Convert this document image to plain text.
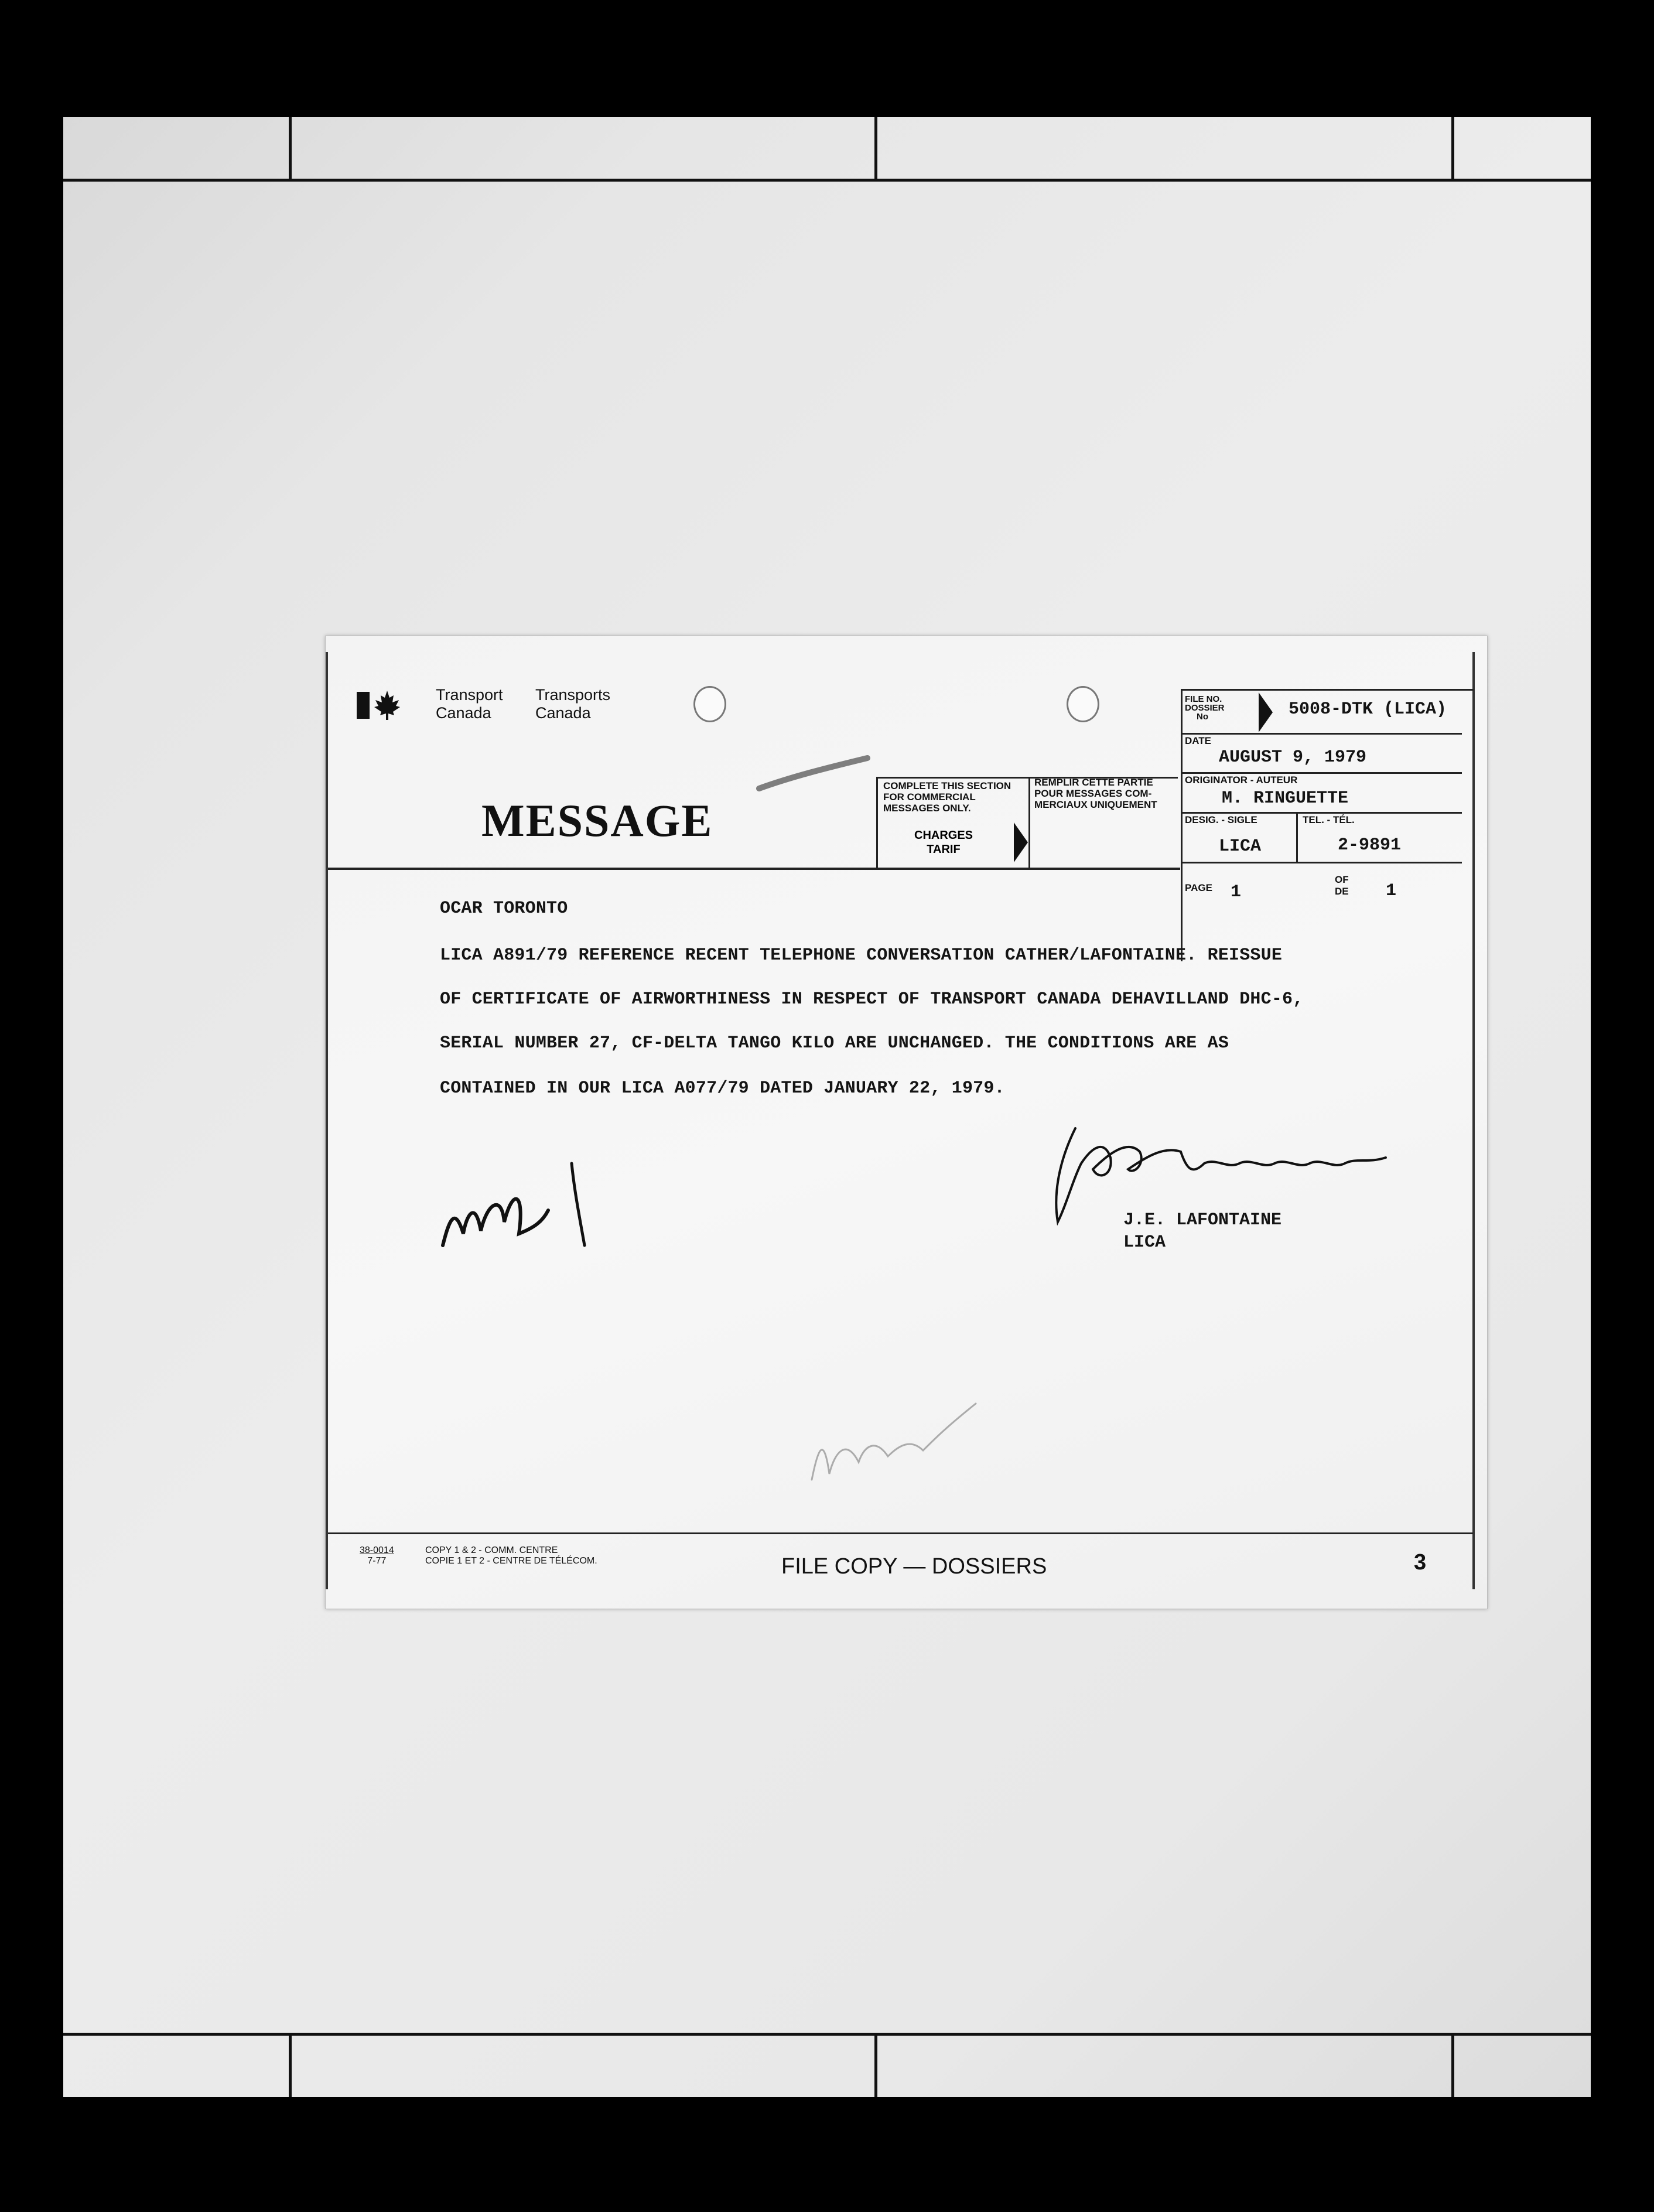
Transport
Canada
Transports
Canada
MESSAGE
COMPLETE THIS SECTION
FOR COMMERCIAL
MESSAGES ONLY.
REMPLIR CETTE PARTIE
POUR MESSAGES COM-
MERCIAUX UNIQUEMENT
CHARGES
TARIF
FILE NO.
DOSSIER
No	5008-DTK (LICA)
DATE
AUGUST 9, 1979
ORIGINATOR - AUTEUR
M. RINGUETTE
DESIG. - SIGLE
LICA
TEL. - TÉL.
2-9891
PAGE 1
OF
DE 1
OCAR TORONTO
LICA A891/79 REFERENCE RECENT TELEPHONE CONVERSATION CATHER/LAFONTAINE. REISSUE
OF CERTIFICATE OF AIRWORTHINESS IN RESPECT OF TRANSPORT CANADA DEHAVILLAND DHC-6,
SERIAL NUMBER 27, CF-DELTA TANGO KILO ARE UNCHANGED. THE CONDITIONS ARE AS
CONTAINED IN OUR LICA A077/79 DATED JANUARY 22, 1979.
J.E. LAFONTAINE
LICA
38-0014
7-77
COPY 1 & 2 - COMM. CENTRE
COPIE 1 ET 2 - CENTRE DE TÉLÉCOM.	FILE COPY — DOSSIERS	3
